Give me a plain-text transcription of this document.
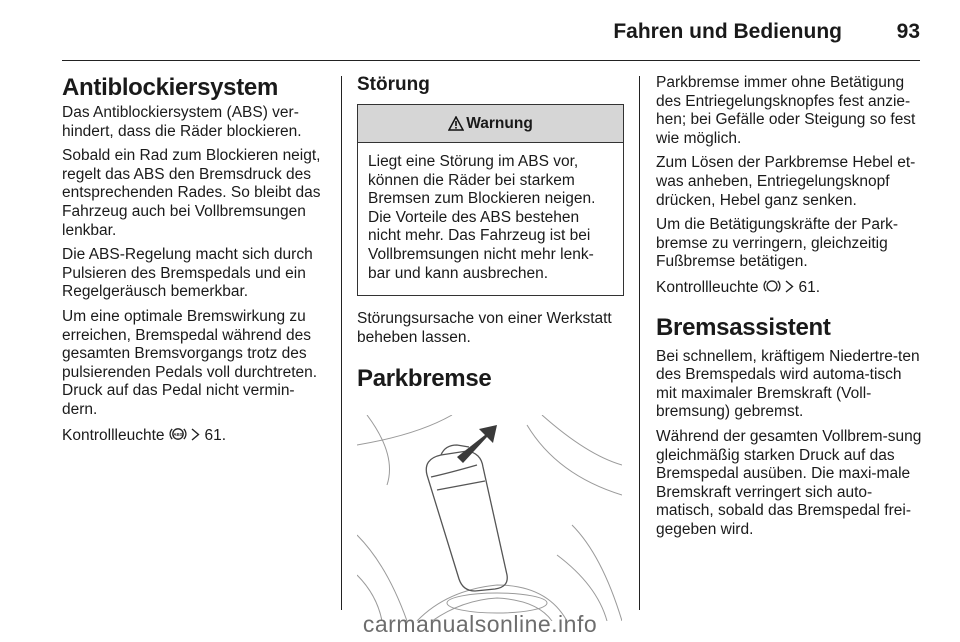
Fahren und Bedienung	93
Antiblockiersystem

Das Antiblockiersystem (ABS) ver-hindert, dass die Räder blockieren.

Sobald ein Rad zum Blockieren neigt, regelt das ABS den Bremsdruck des entsprechenden Rades. So bleibt das Fahrzeug auch bei Vollbremsungen lenkbar.

Die ABS-Regelung macht sich durch Pulsieren des Bremspedals und ein Regelgeräusch bemerkbar.

Um eine optimale Bremswirkung zu erreichen, Bremspedal während des gesamten Bremsvorgangs trotz des pulsierenden Pedals voll durchtreten. Druck auf das Pedal nicht vermin-dern.

Kontrollleuchte ABS 61.

Störung
Warnung
Liegt eine Störung im ABS vor, können die Räder bei starkem Bremsen zum Blockieren neigen. Die Vorteile des ABS bestehen nicht mehr. Das Fahrzeug ist bei Vollbremsungen nicht mehr lenk-bar und kann ausbrechen.

Störungsursache von einer Werkstatt beheben lassen.

Parkbremse

Parkbremse immer ohne Betätigung des Entriegelungsknopfes fest anzie-hen; bei Gefälle oder Steigung so fest wie möglich.

Zum Lösen der Parkbremse Hebel et-was anheben, Entriegelungsknopf drücken, Hebel ganz senken.

Um die Betätigungskräfte der Park-bremse zu verringern, gleichzeitig Fußbremse betätigen.

Kontrollleuchte	61.

Bremsassistent

Bei schnellem, kräftigem Niedertre-ten des Bremspedals wird automa-tisch mit maximaler Bremskraft (Voll-bremsung) gebremst.

Während der gesamten Vollbrem-sung gleichmäßig starken Druck auf das Bremspedal ausüben. Die maxi-male Bremskraft verringert sich auto-matisch, sobald das Bremspedal frei-gegeben wird.

carmanualsonline.info
